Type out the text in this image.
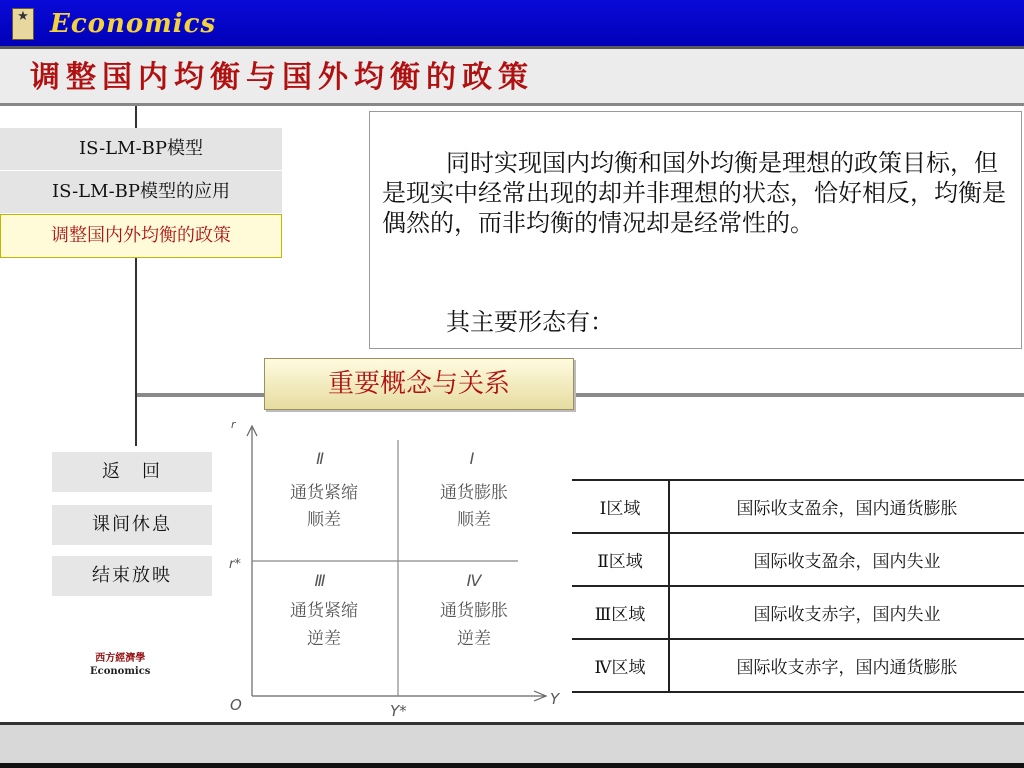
★ Economics
调整国内均衡与国外均衡的政策
IS-LM-BP模型
IS-LM-BP模型的应用
调整国内外均衡的政策
同时实现国内均衡和国外均衡是理想的政策目标，但是现实中经常出现的却并非理想的状态，恰好相反，均衡是偶然的，而非均衡的情况却是经常性的。
其主要形态有：
重要概念与关系
返　回
课间休息
结束放映
西方經濟學
Economics
r
r*
O	Y*
Y
Ⅱ
通货紧缩
顺差
Ⅰ
通货膨胀
顺差
Ⅲ
通货紧缩
逆差
Ⅳ
通货膨胀
逆差
Ⅰ区域	国际收支盈余，国内通货膨胀
Ⅱ区域	国际收支盈余，国内失业
Ⅲ区域	国际收支赤字，国内失业
Ⅳ区域	国际收支赤字，国内通货膨胀
